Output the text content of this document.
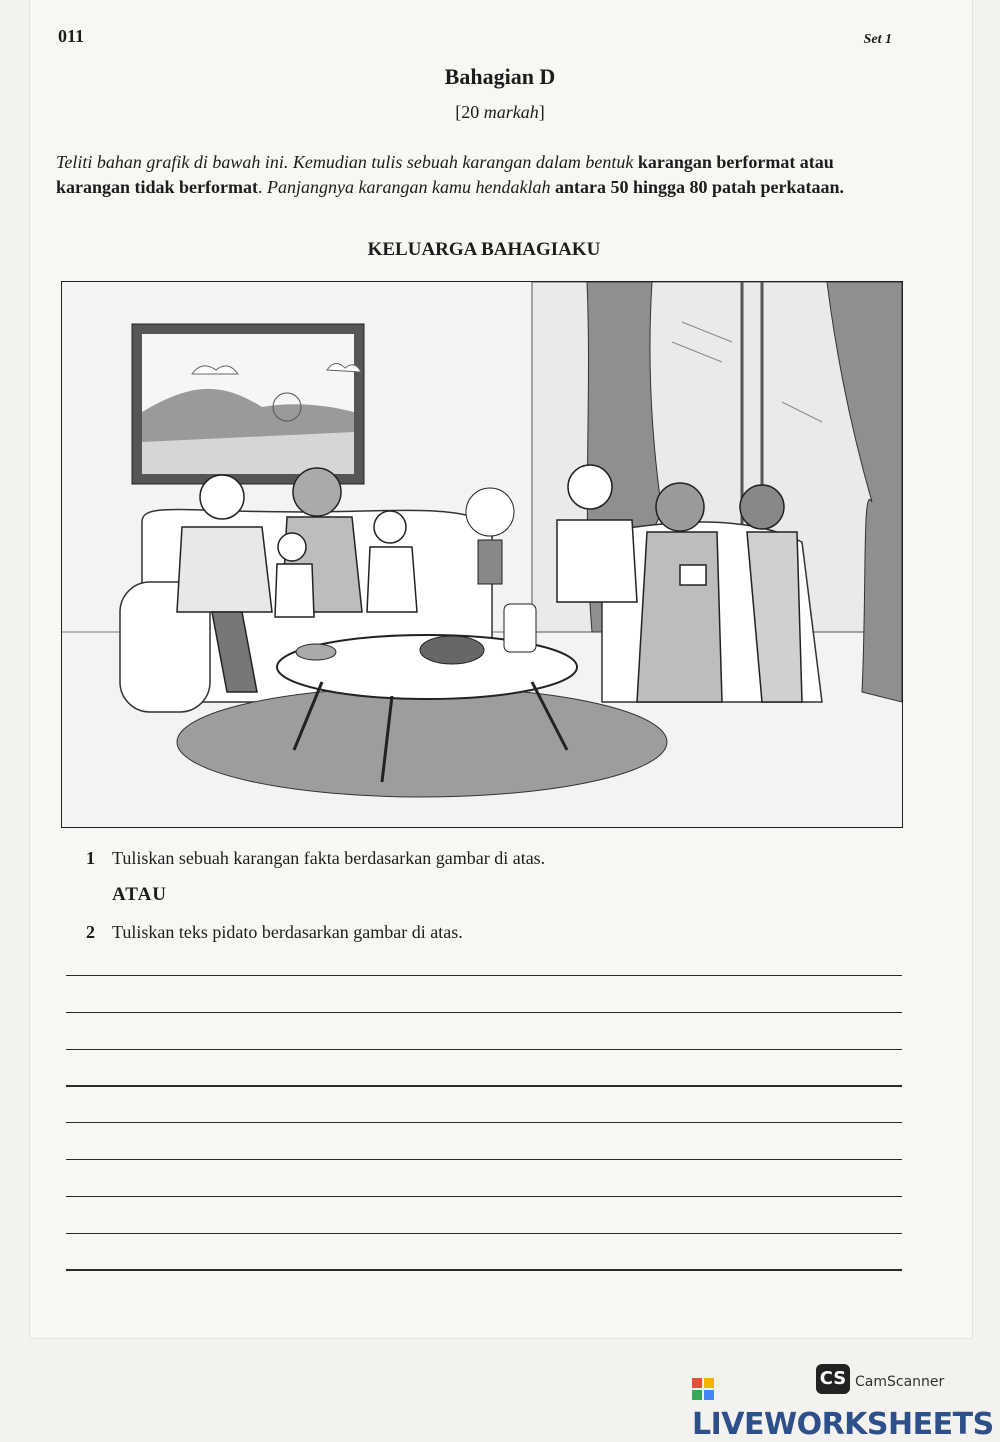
011	Set 1
Bahagian D
[20 markah]
Teliti bahan grafik di bawah ini. Kemudian tulis sebuah karangan dalam bentuk karangan berformat atau karangan tidak berformat. Panjangnya karangan kamu hendaklah antara 50 hingga 80 patah perkataan.
KELUARGA BAHAGIAKU
1 Tuliskan sebuah karangan fakta berdasarkan gambar di atas.
ATAU
2 Tuliskan teks pidato berdasarkan gambar di atas.
CS CamScanner
LIVEWORKSHEETS
